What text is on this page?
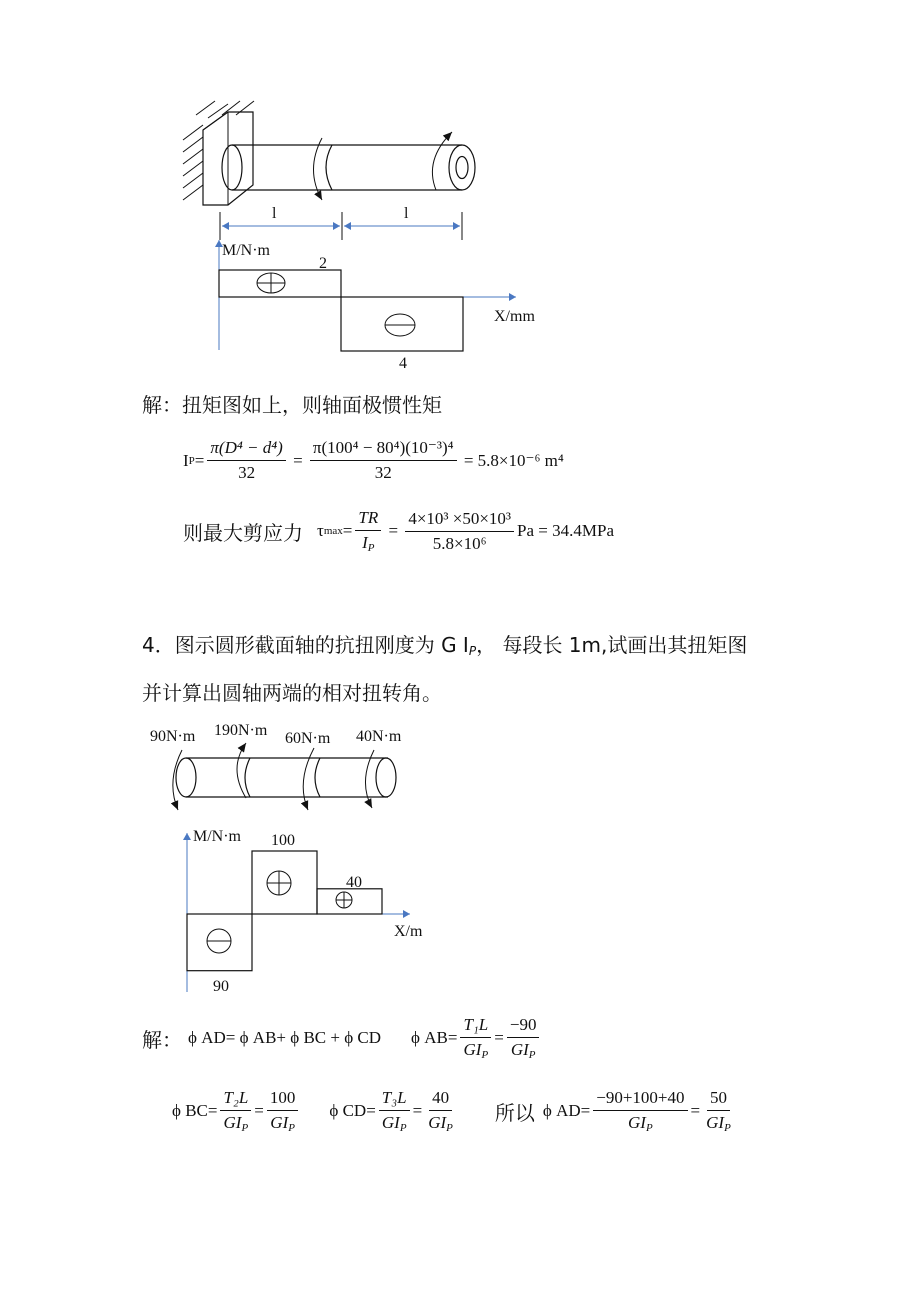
l	l
M/N·m
X/mm
2
4
解：扭矩图如上，则轴面极惯性矩
I $P = \frac{\text{π(D⁴ − d⁴)}}{32} = \frac{\text{π(100⁴ − 80⁴)(10⁻³)⁴}}{32}$
= 5.8×10⁻⁶ m⁴
则最大剪应力 τ $\max = \frac{TR}{I_P} = \frac{\text{4×10³ ×50×10³}}{\text{5.8×10⁶}}$ Pa = 34.4MPa
4．图示圆形截面轴的抗扭刚度为 G $I_P$， 每段长 1m,试画出其扭矩图
并计算出圆轴两端的相对扭转角。
90N·m 190N·m 60N·m 40N·m
M/N·m
X/m
100
40
90
解： ϕ AD= ϕ AB+ ϕ BC + ϕ CD ϕ $AB= \frac{\text{T₁L}}{GI_P} = \frac{-90}{GI_P}$
ϕ $BC= \frac{\text{T₂L}}{GI_P} = \frac{100}{GI_P}$ ϕ $CD= \frac{\text{T₃L}}{GI_P} = \frac{40}{GI_P}$ 所以 ϕ $AD= \frac{-90+100+40}{GI_P} = \frac{50}{GI_P}$
